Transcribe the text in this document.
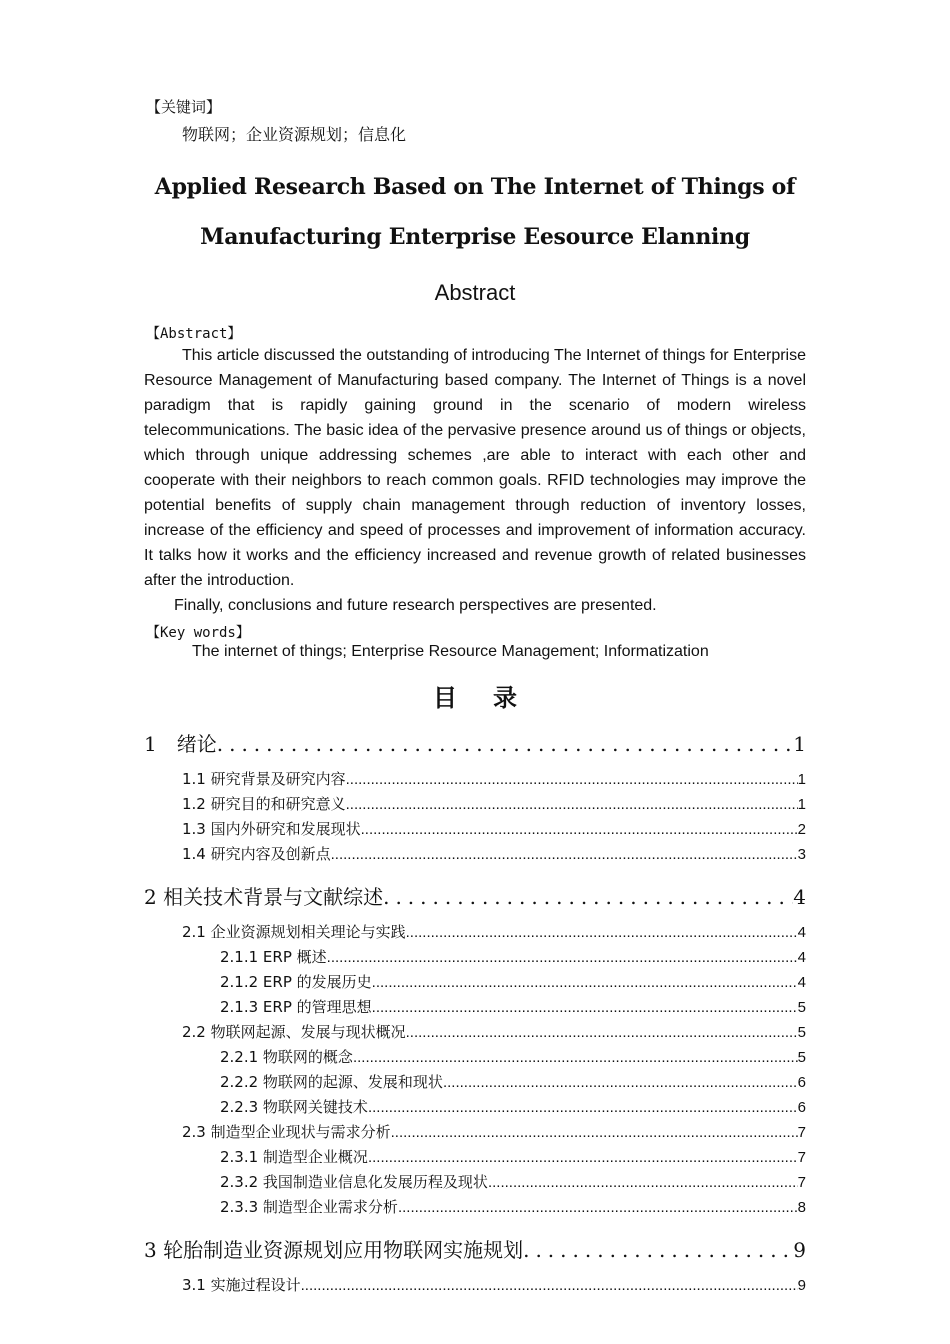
【关键词】
物联网；企业资源规划；信息化
Applied Research Based on The Internet of Things of
Manufacturing Enterprise Eesource Elanning
Abstract
【Abstract】

This article discussed the outstanding of introducing The Internet of things for Enterprise Resource Management of Manufacturing based company. The Internet of Things is a novel paradigm that is rapidly gaining ground in the scenario of modern wireless telecommunications. The basic idea of the pervasive presence around us of things or objects, which through unique addressing schemes ,are able to interact with each other and cooperate with their neighbors to reach common goals. RFID technologies may improve the potential benefits of supply chain management through reduction of inventory losses, increase of the efficiency and speed of processes and improvement of information accuracy. It talks how it works and the efficiency increased and revenue growth of related businesses after the introduction.

Finally, conclusions and future research perspectives are presented.

【Key words】
The internet of things; Enterprise Resource Management; Informatization
目录
1　绪论 .....	1
1.1 研究背景及研究内容 .....	1
1.2 研究目的和研究意义 .....	1
1.3 国内外研究和发展现状 .....	2
1.4 研究内容及创新点 .....	3
2 相关技术背景与文献综述 .....	4
2.1 企业资源规划相关理论与实践 .....	4
2.1.1 ERP 概述 .....	4
2.1.2 ERP 的发展历史 .....	4
2.1.3 ERP 的管理思想 .....	5
2.2 物联网起源、发展与现状概况 .....	5
2.2.1 物联网的概念 .....	5
2.2.2 物联网的起源、发展和现状 .....	6
2.2.3 物联网关键技术 .....	6
2.3 制造型企业现状与需求分析 .....	7
2.3.1 制造型企业概况 .....	7
2.3.2 我国制造业信息化发展历程及现状 .....	7
2.3.3 制造型企业需求分析 .....	8
3 轮胎制造业资源规划应用物联网实施规划 .....	9
3.1 实施过程设计 .....	9
